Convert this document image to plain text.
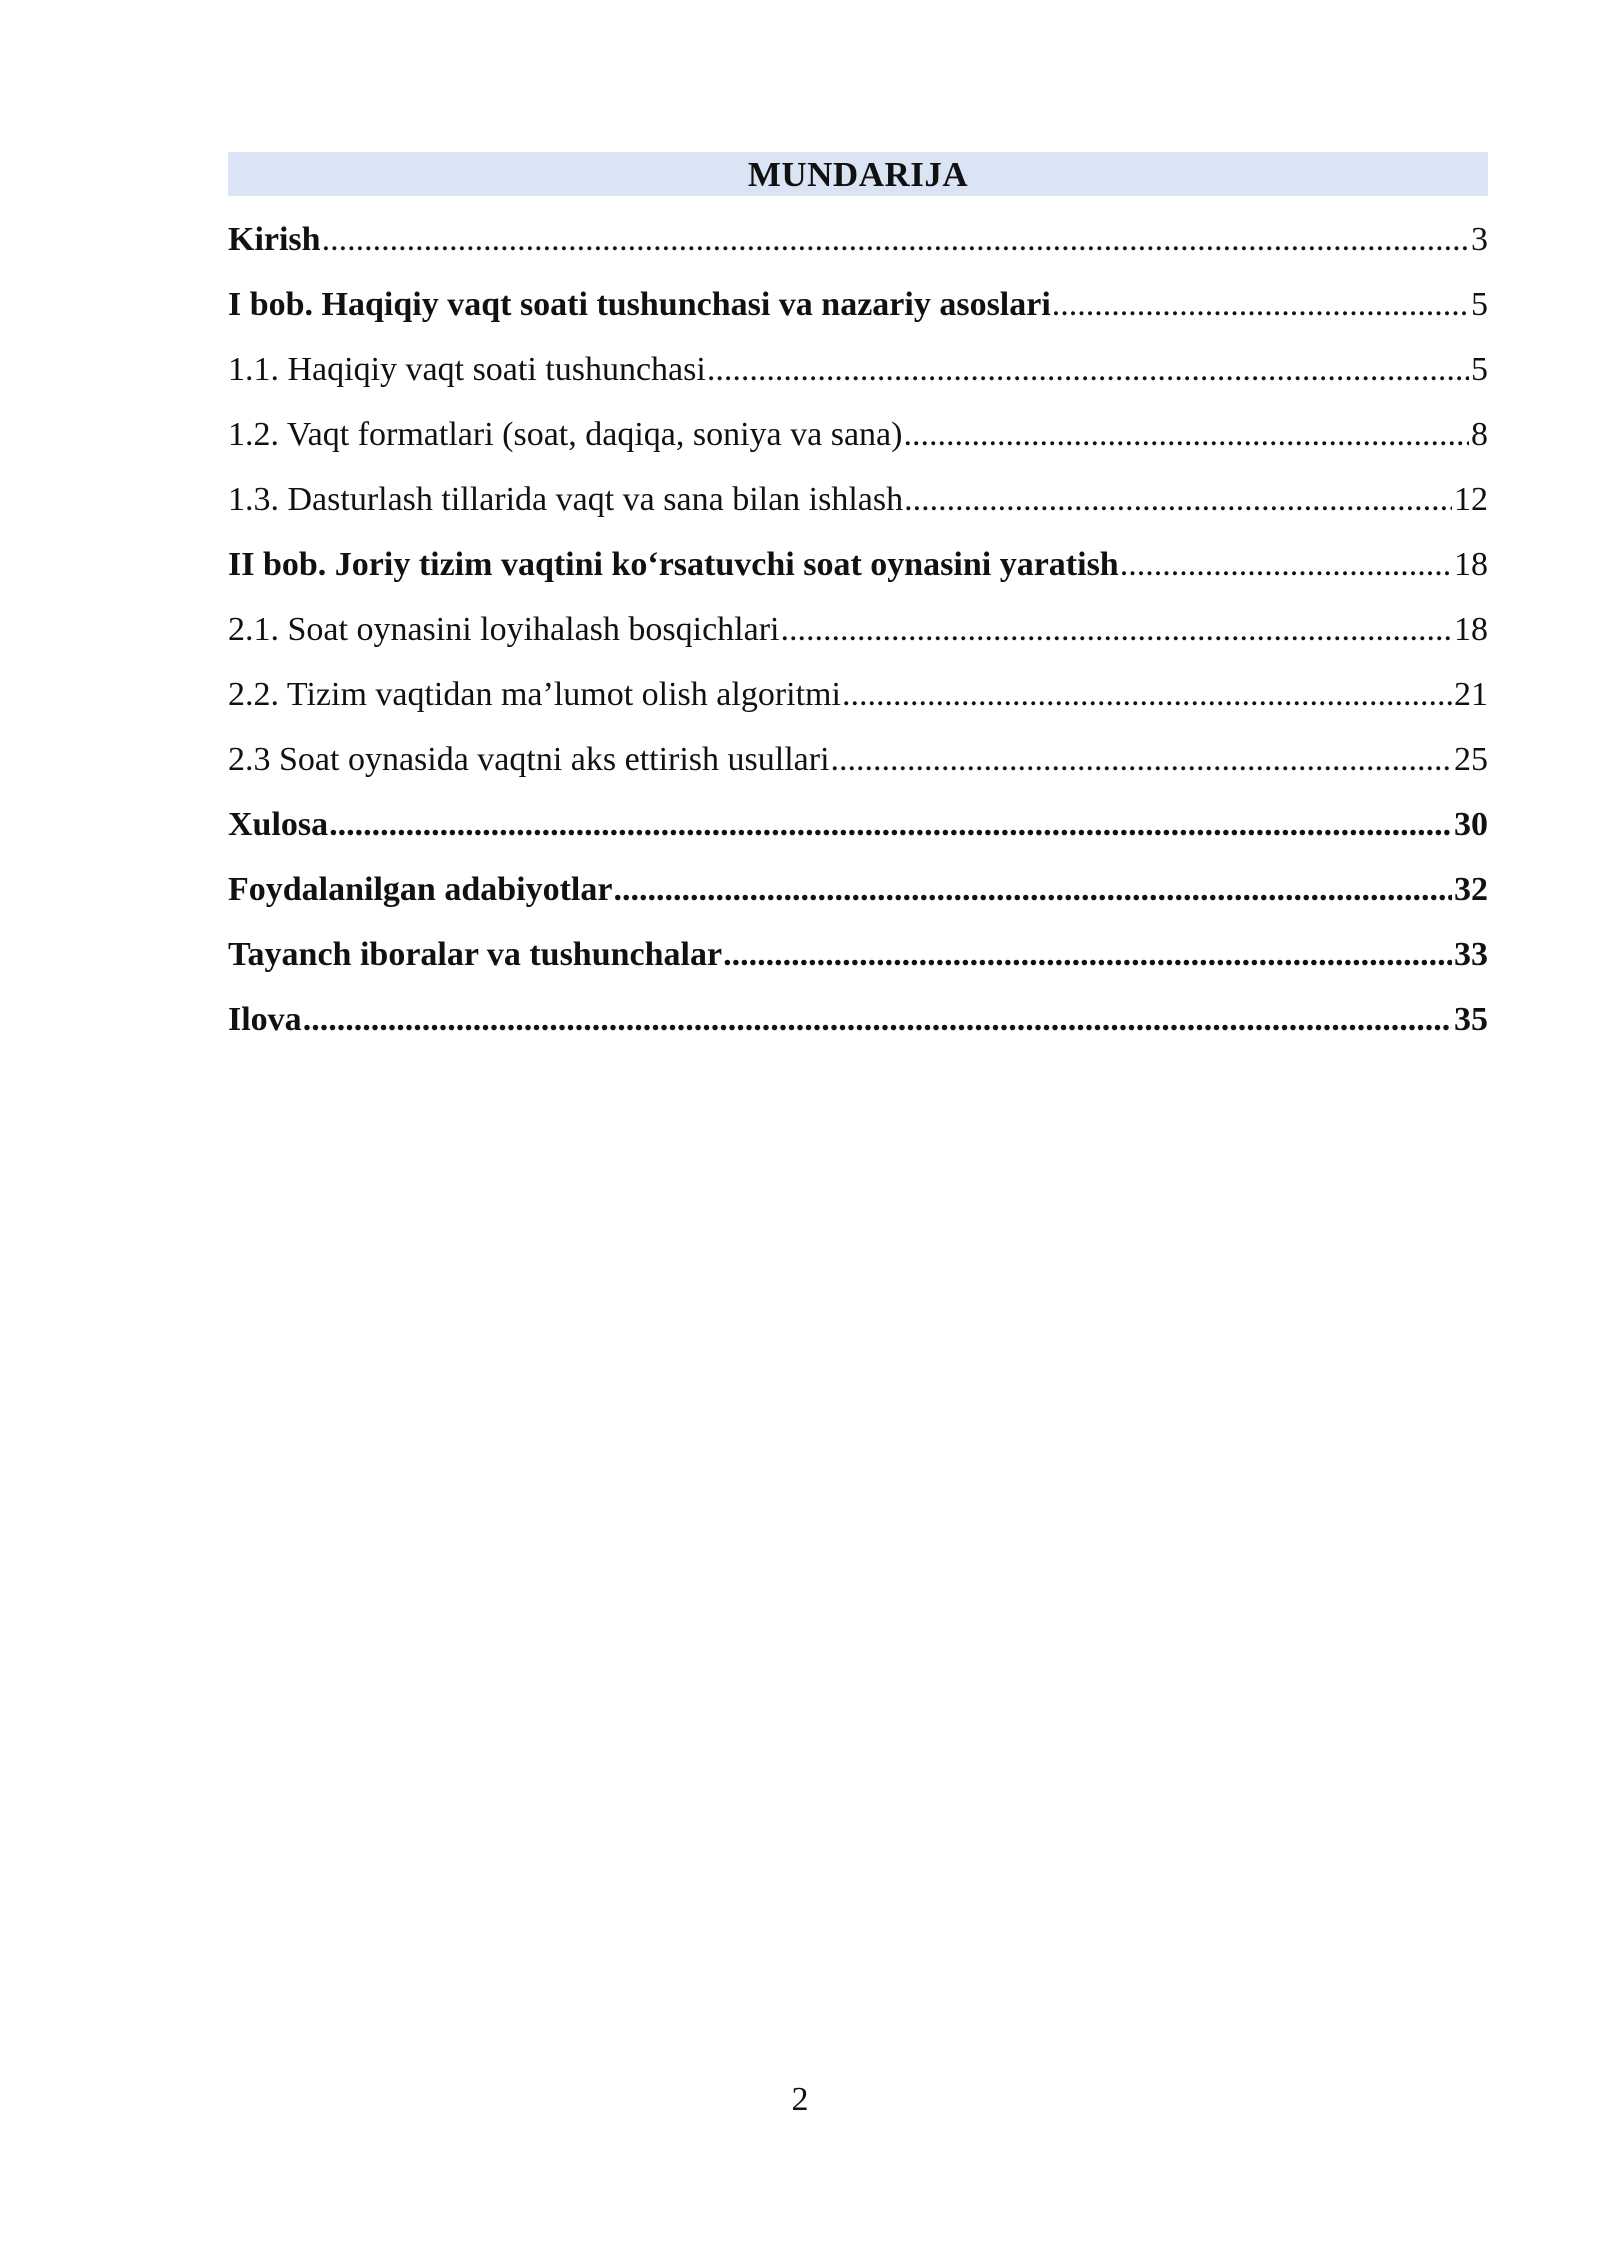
MUNDARIJA
Kirish .....	3
I bob. Haqiqiy vaqt soati tushunchasi va nazariy asoslari .....	5
1.1. Haqiqiy vaqt soati tushunchasi .....	5
1.2. Vaqt formatlari (soat, daqiqa, soniya va sana) .....	8
1.3. Dasturlash tillarida vaqt va sana bilan ishlash .....	12
II bob. Joriy tizim vaqtini ko‘rsatuvchi soat oynasini yaratish .....	18
2.1. Soat oynasini loyihalash bosqichlari .....	18
2.2. Tizim vaqtidan ma’lumot olish algoritmi .....	21
2.3 Soat oynasida vaqtni aks ettirish usullari .....	25
Xulosa .....	30
Foydalanilgan adabiyotlar .....	32
Tayanch iboralar va tushunchalar .....	33
Ilova .....	35
2
